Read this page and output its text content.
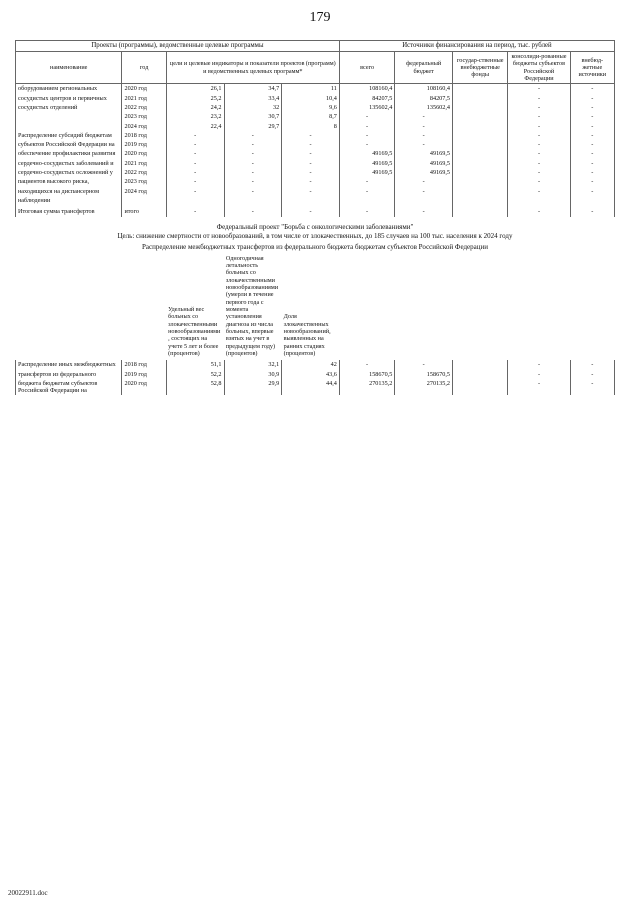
179
Проекты (программы), ведомственные целевые программы					Источники финансирования на период, тыс. рублей				
наименование	год	цели и целевые индикаторы и показатели проектов (программ) и ведомственных целевых программ*			всего	федеральный бюджет	государ-ственные внебюджетные фонды	консолиди-рованные бюджеты субъектов Российской Федерации	внебюд-жетные источники
оборудованием региональных	2020 год	26,1	34,7	11	108160,4	108160,4		-	-
сосудистых центров и первичных	2021 год	25,2	33,4	10,4	84207,5	84207,5		-	-
сосудистых отделений	2022 год	24,2	32	9,6	135602,4	135602,4		-	-
	2023 год	23,2	30,7	8,7	-	-		-	-
	2024 год	22,4	29,7	8	-	-		-	-
Распределение субсидий бюджетам	2018 год	-	-	-	-	-		-	-
субъектов Российской Федерации на	2019 год	-	-	-	-	-		-	-
обеспечение профилактики развития	2020 год	-	-	-	49169,5	49169,5		-	-
сердечно-сосудистых заболеваний и	2021 год	-	-	-	49169,5	49169,5		-	-
сердечно-сосудистых осложнений у	2022 год	-	-	-	49169,5	49169,5		-	-
пациентов высокого риска,	2023 год	-	-	-	-	-		-	-
находящихся на диспансерном	2024 год	-	-	-	-	-		-	-
наблюдении									
Итоговая сумма трансфертов	итого	-	-	-	-	-		-	-
Федеральный проект "Борьба с онкологическими заболеваниями"
Цель: снижение смертности от новообразований, в том числе от злокачественных, до 185 случаев на 100 тыс. населения к 2024 году
Распределение межбюджетных трансфертов из федерального бюджета бюджетам субъектов Российской Федерации
		Удельный вес больных со злокачественными новообразованиями, состоящих на учете 5 лет и более (процентов)	Одногодичная летальность больных со злокачественными новообразованиями (умерли в течение первого года с момента установления диагноза из числа больных, впервые взятых на учет в предыдущем году) (процентов)	Доля злокачественных новообразований, выявленных на ранних стадиях (процентов)					
Распределение иных межбюджетных	2018 год	51,1	32,1	42	-	-		-	-
трансфертов из федерального	2019 год	52,2	30,9	43,6	158670,5	158670,5		-	-
бюджета бюджетам субъектов Российской Федерации на	2020 год	52,8	29,9	44,4	270135,2	270135,2		-	-
20022911.doc
